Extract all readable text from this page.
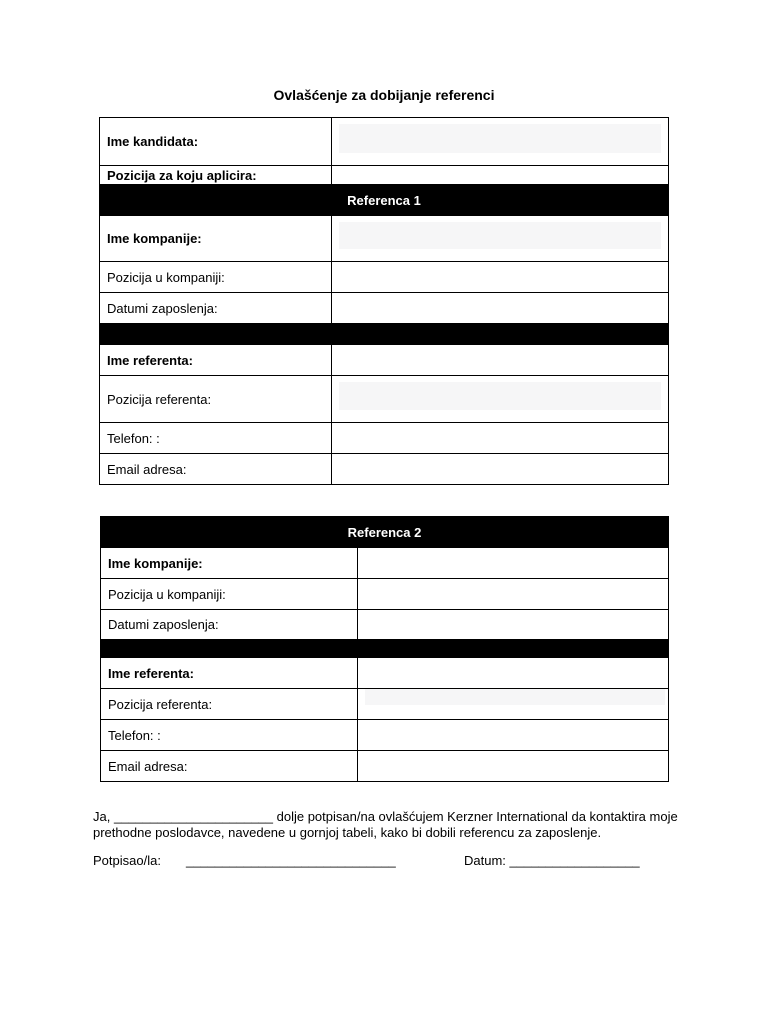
Ovlašćenje za dobijanje referenci
Ime kandidata:	

Pozicija za koju aplicira:	
Referenca 1	
Ime kompanije:	

Pozicija u kompaniji:	
Datumi zaposlenja:	

Ime referenta:	
Pozicija referenta:	

Telefon: :	
Email adresa:	
Referenca 2	
Ime kompanije:	
Pozicija u kompaniji:	
Datumi zaposlenja:	

Ime referenta:	
Pozicija referenta:	

Telefon: :	
Email adresa:	
Ja, ______________________ dolje potpisan/na ovlašćujem Kerzner International da kontaktira moje prethodne poslodavce, navedene u gornjoj tabeli, kako bi dobili referencu za zaposlenje.
Potpisao/la: _____________________________	Datum: __________________
